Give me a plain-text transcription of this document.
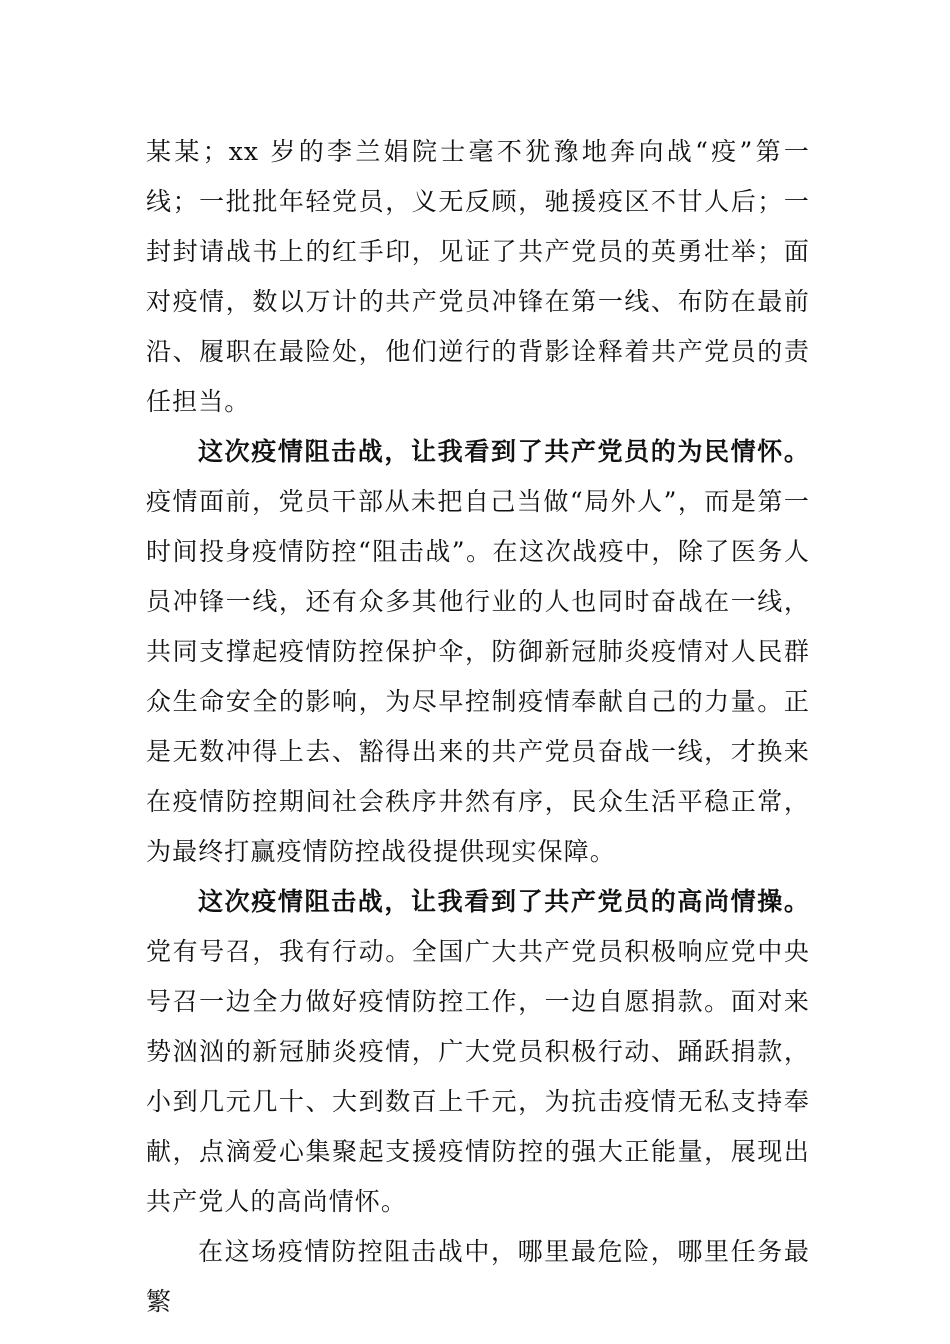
某某；xx 岁的李兰娟院士毫不犹豫地奔向战“疫”第一线；一批批年轻党员，义无反顾，驰援疫区不甘人后；一封封请战书上的红手印，见证了共产党员的英勇壮举；面对疫情，数以万计的共产党员冲锋在第一线、布防在最前沿、履职在最险处，他们逆行的背影诠释着共产党员的责任担当。

这次疫情阻击战，让我看到了共产党员的为民情怀。疫情面前，党员干部从未把自己当做“局外人”，而是第一时间投身疫情防控“阻击战”。在这次战疫中，除了医务人员冲锋一线，还有众多其他行业的人也同时奋战在一线，共同支撑起疫情防控保护伞，防御新冠肺炎疫情对人民群众生命安全的影响，为尽早控制疫情奉献自己的力量。正是无数冲得上去、豁得出来的共产党员奋战一线，才换来在疫情防控期间社会秩序井然有序，民众生活平稳正常，为最终打赢疫情防控战役提供现实保障。

这次疫情阻击战，让我看到了共产党员的高尚情操。党有号召，我有行动。全国广大共产党员积极响应党中央号召一边全力做好疫情防控工作，一边自愿捐款。面对来势汹汹的新冠肺炎疫情，广大党员积极行动、踊跃捐款，小到几元几十、大到数百上千元，为抗击疫情无私支持奉献，点滴爱心集聚起支援疫情防控的强大正能量，展现出共产党人的高尚情怀。

在这场疫情防控阻击战中，哪里最危险，哪里任务最繁
